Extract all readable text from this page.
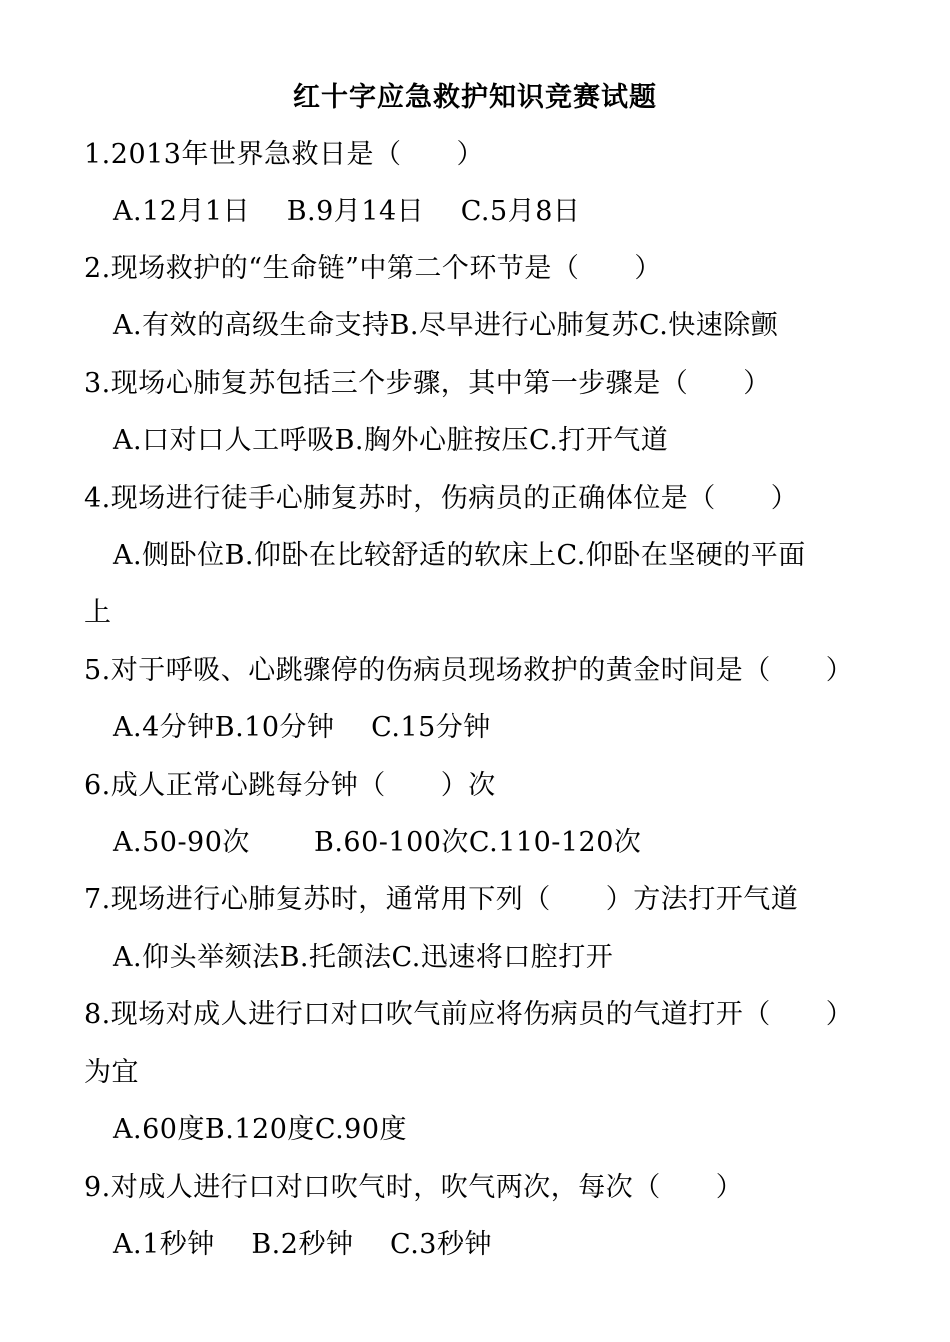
红十字应急救护知识竞赛试题
1.2013年世界急救日是（　　）
A.12月1日　 B.9月14日　 C.5月8日
2.现场救护的“生命链”中第二个环节是（　　）
A.有效的高级生命支持B.尽早进行心肺复苏C.快速除颤
3.现场心肺复苏包括三个步骤，其中第一步骤是（　　）
A.口对口人工呼吸B.胸外心脏按压C.打开气道
4.现场进行徒手心肺复苏时，伤病员的正确体位是（　　）
A.侧卧位B.仰卧在比较舒适的软床上C.仰卧在坚硬的平面
上
5.对于呼吸、心跳骤停的伤病员现场救护的黄金时间是（　　）
A.4分钟B.10分钟　 C.15分钟
6.成人正常心跳每分钟（　　）次
A.50-90次　　 B.60-100次C.110-120次
7.现场进行心肺复苏时，通常用下列（　　）方法打开气道
A.仰头举颏法B.托颌法C.迅速将口腔打开
8.现场对成人进行口对口吹气前应将伤病员的气道打开（　　）
为宜
A.60度B.120度C.90度
9.对成人进行口对口吹气时，吹气两次，每次（　　）
A.1秒钟　 B.2秒钟　 C.3秒钟
